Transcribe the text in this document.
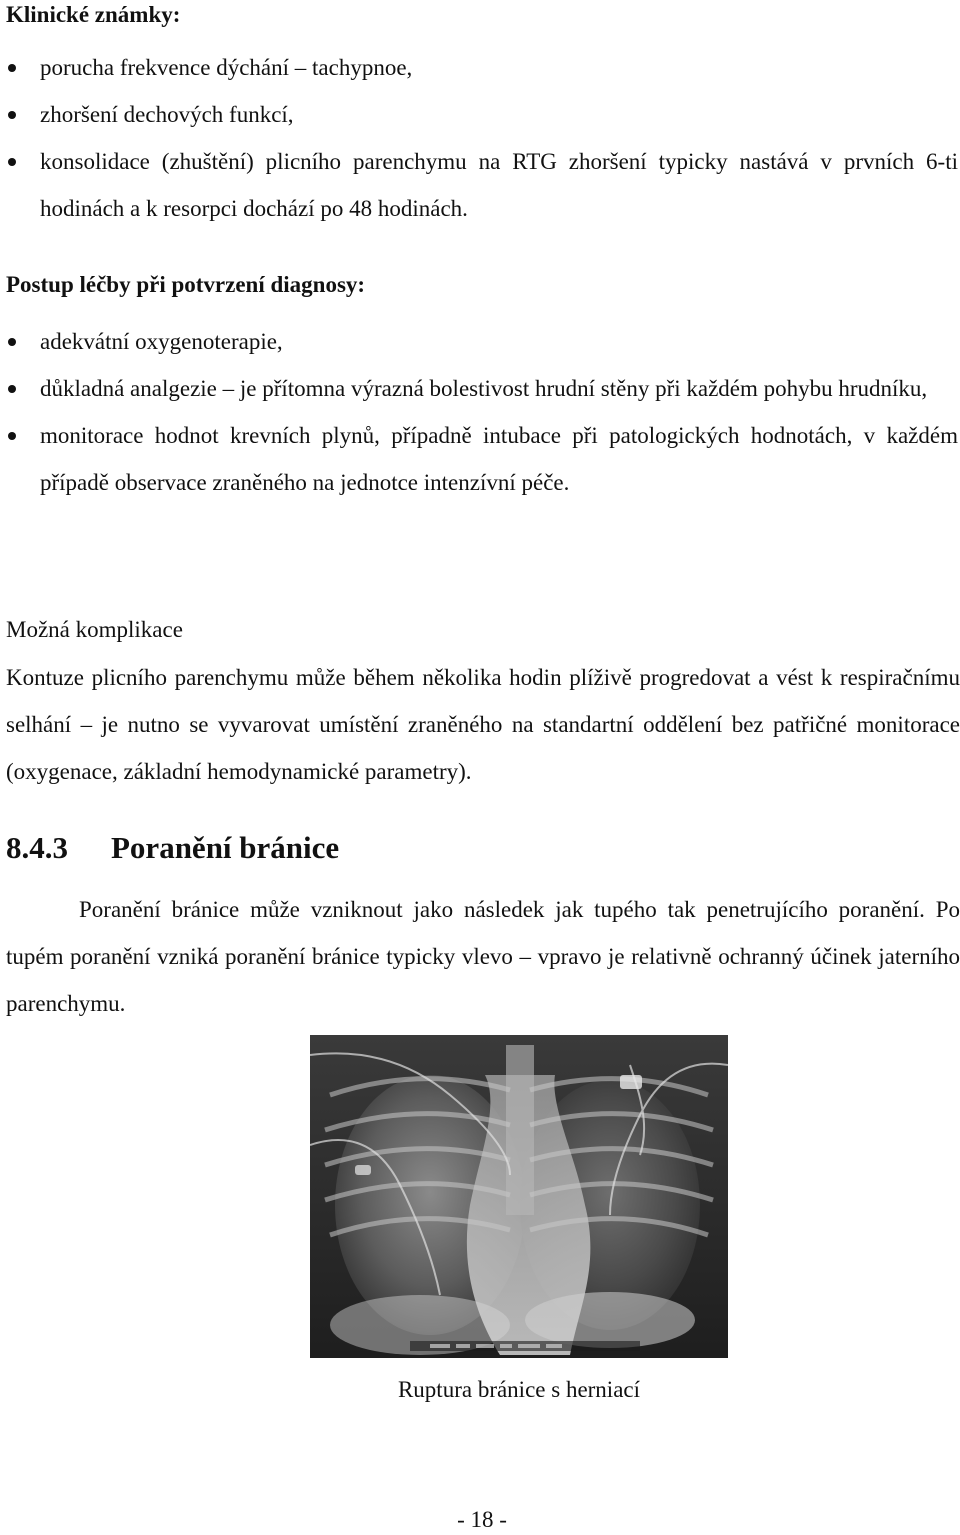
Klinické známky:
porucha frekvence dýchání – tachypnoe,
zhoršení dechových funkcí,
konsolidace (zhuštění) plicního parenchymu na RTG zhoršení typicky nastává v prvních 6-ti hodinách a k resorpci dochází po 48 hodinách.
Postup léčby při potvrzení diagnosy:
adekvátní oxygenoterapie,
důkladná analgezie – je přítomna výrazná bolestivost hrudní stěny při každém pohybu hrudníku,
monitorace hodnot krevních plynů, případně intubace při patologických hodnotách, v každém případě observace zraněného na jednotce intenzívní péče.

Možná komplikace

Kontuze plicního parenchymu může během několika hodin plíživě progredovat a vést k respiračnímu selhání – je nutno se vyvarovat umístění zraněného na standartní oddělení bez patřičné monitorace (oxygenace, základní hemodynamické parametry).

8.4.3	Poranění bránice

Poranění bránice může vzniknout jako následek jak tupého tak penetrujícího poranění. Po tupém poranění vzniká poranění bránice typicky vlevo – vpravo je relativně ochranný účinek jaterního parenchymu.

Ruptura bránice s herniací

- 18 -
